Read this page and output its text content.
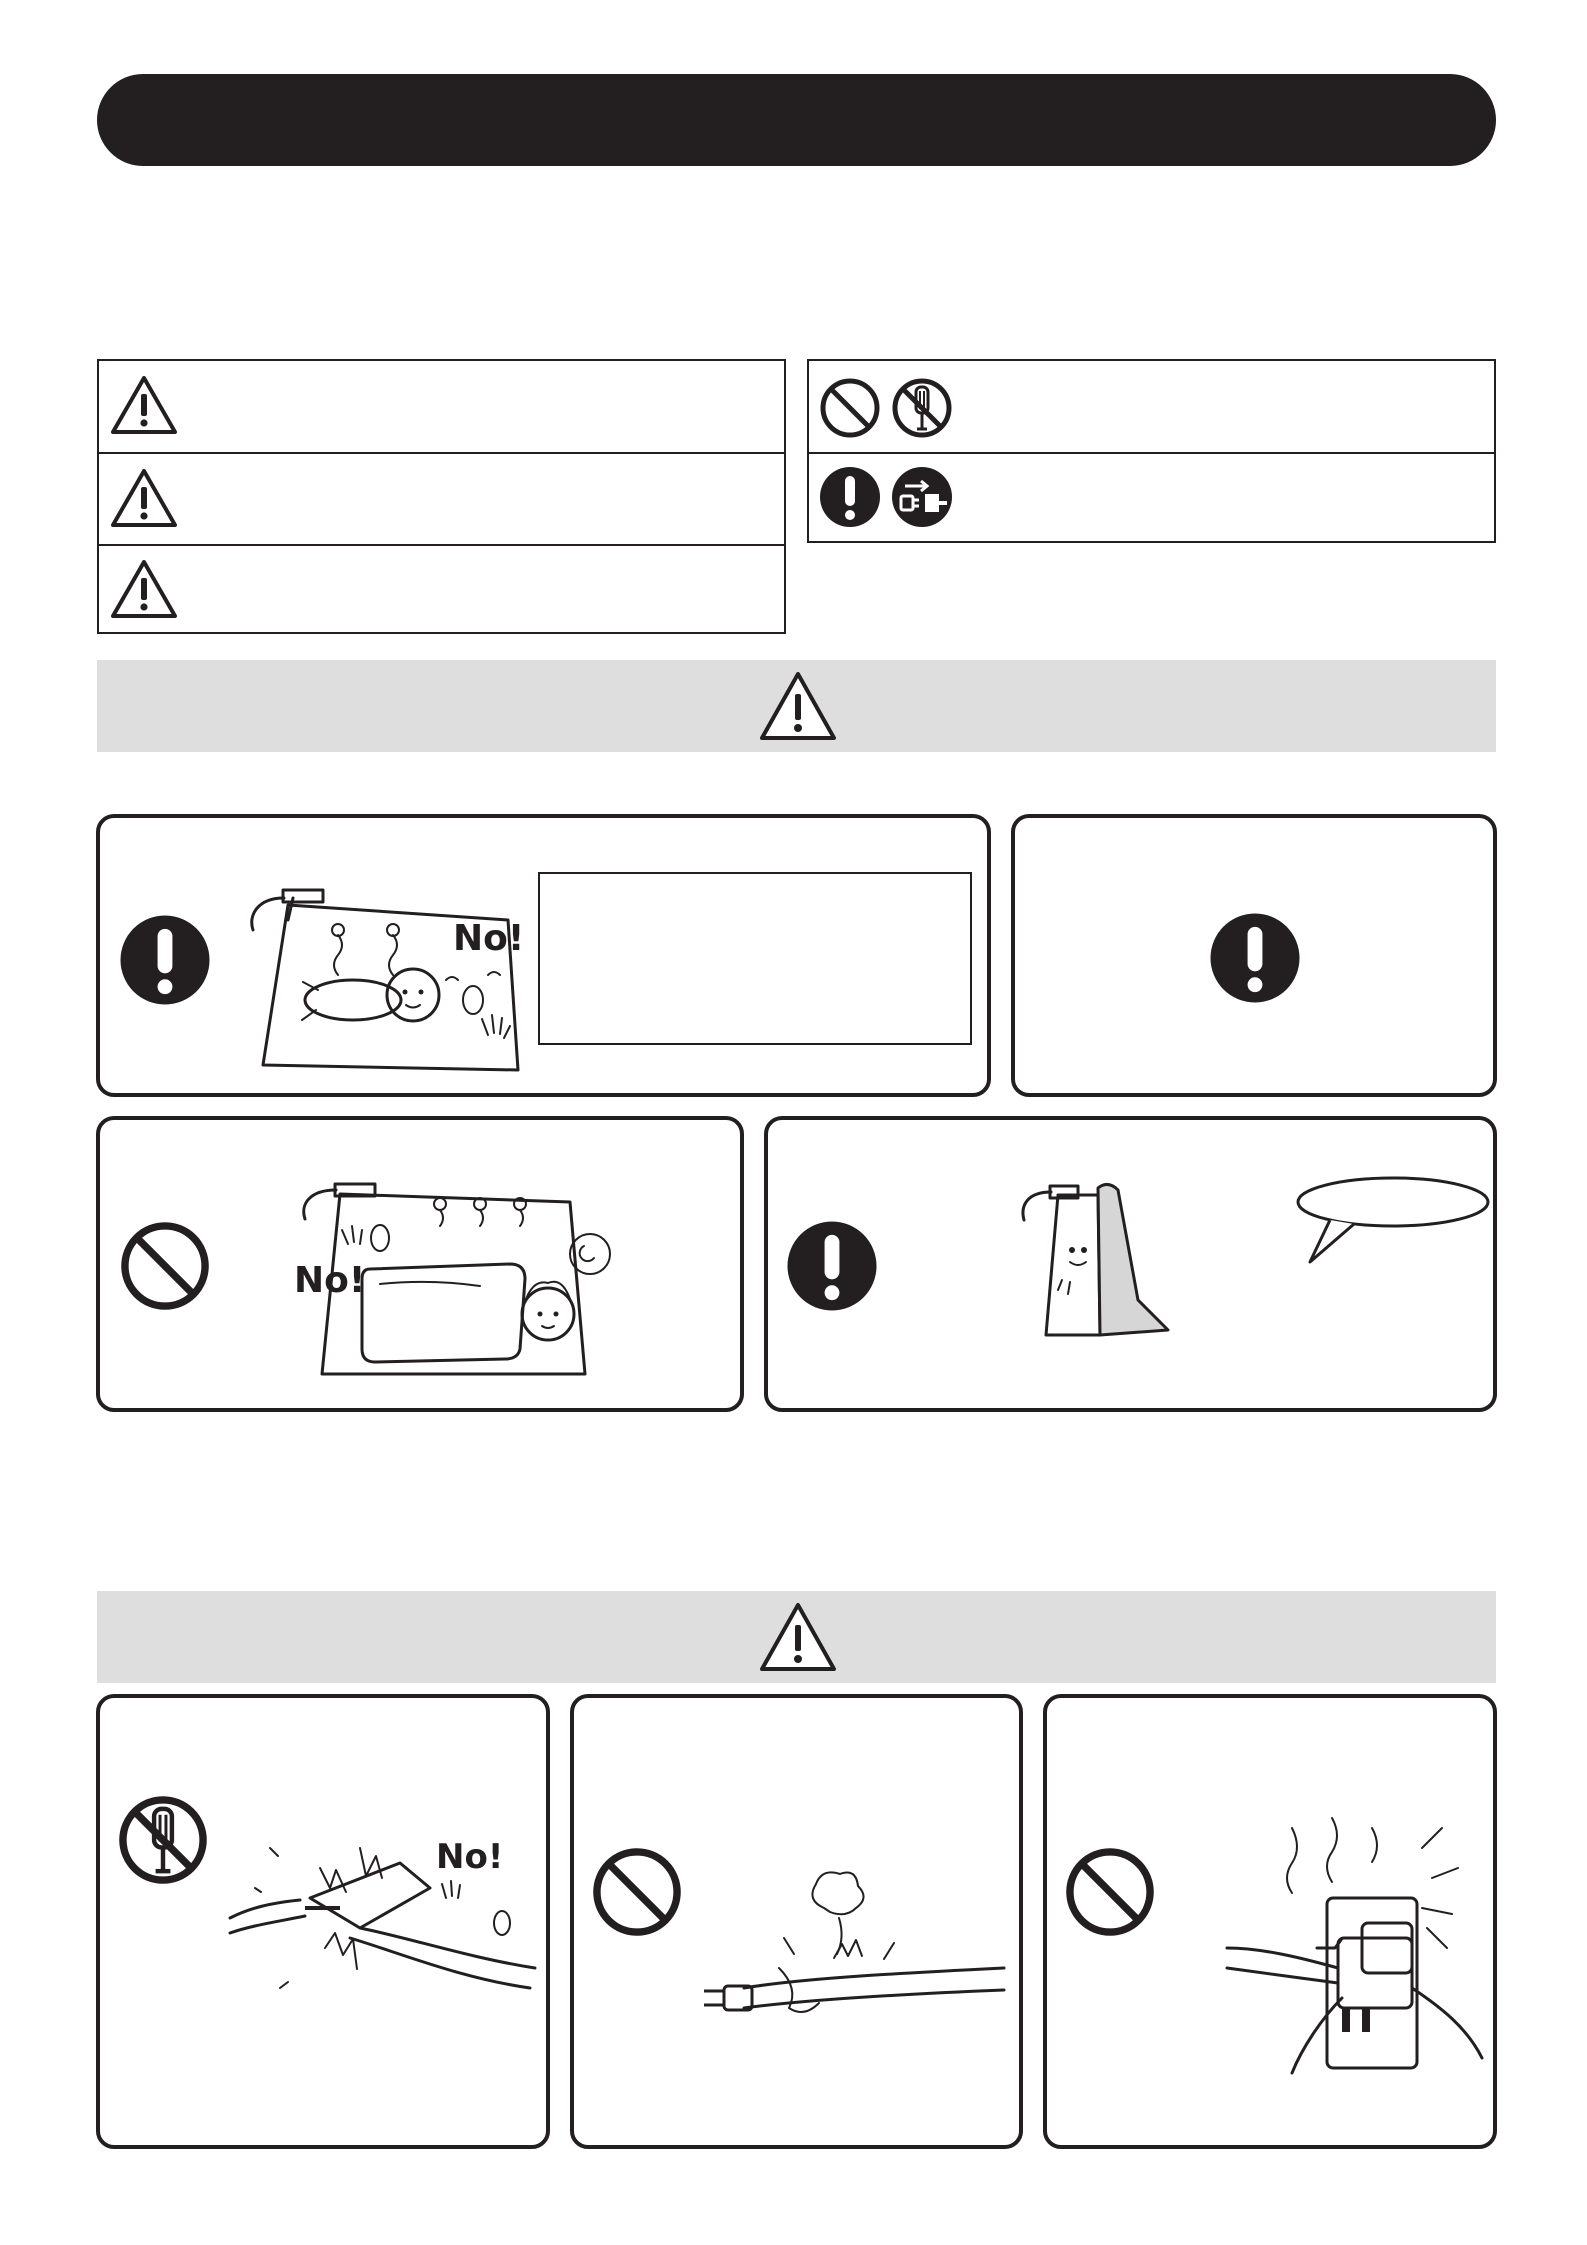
No!
No!
No!
